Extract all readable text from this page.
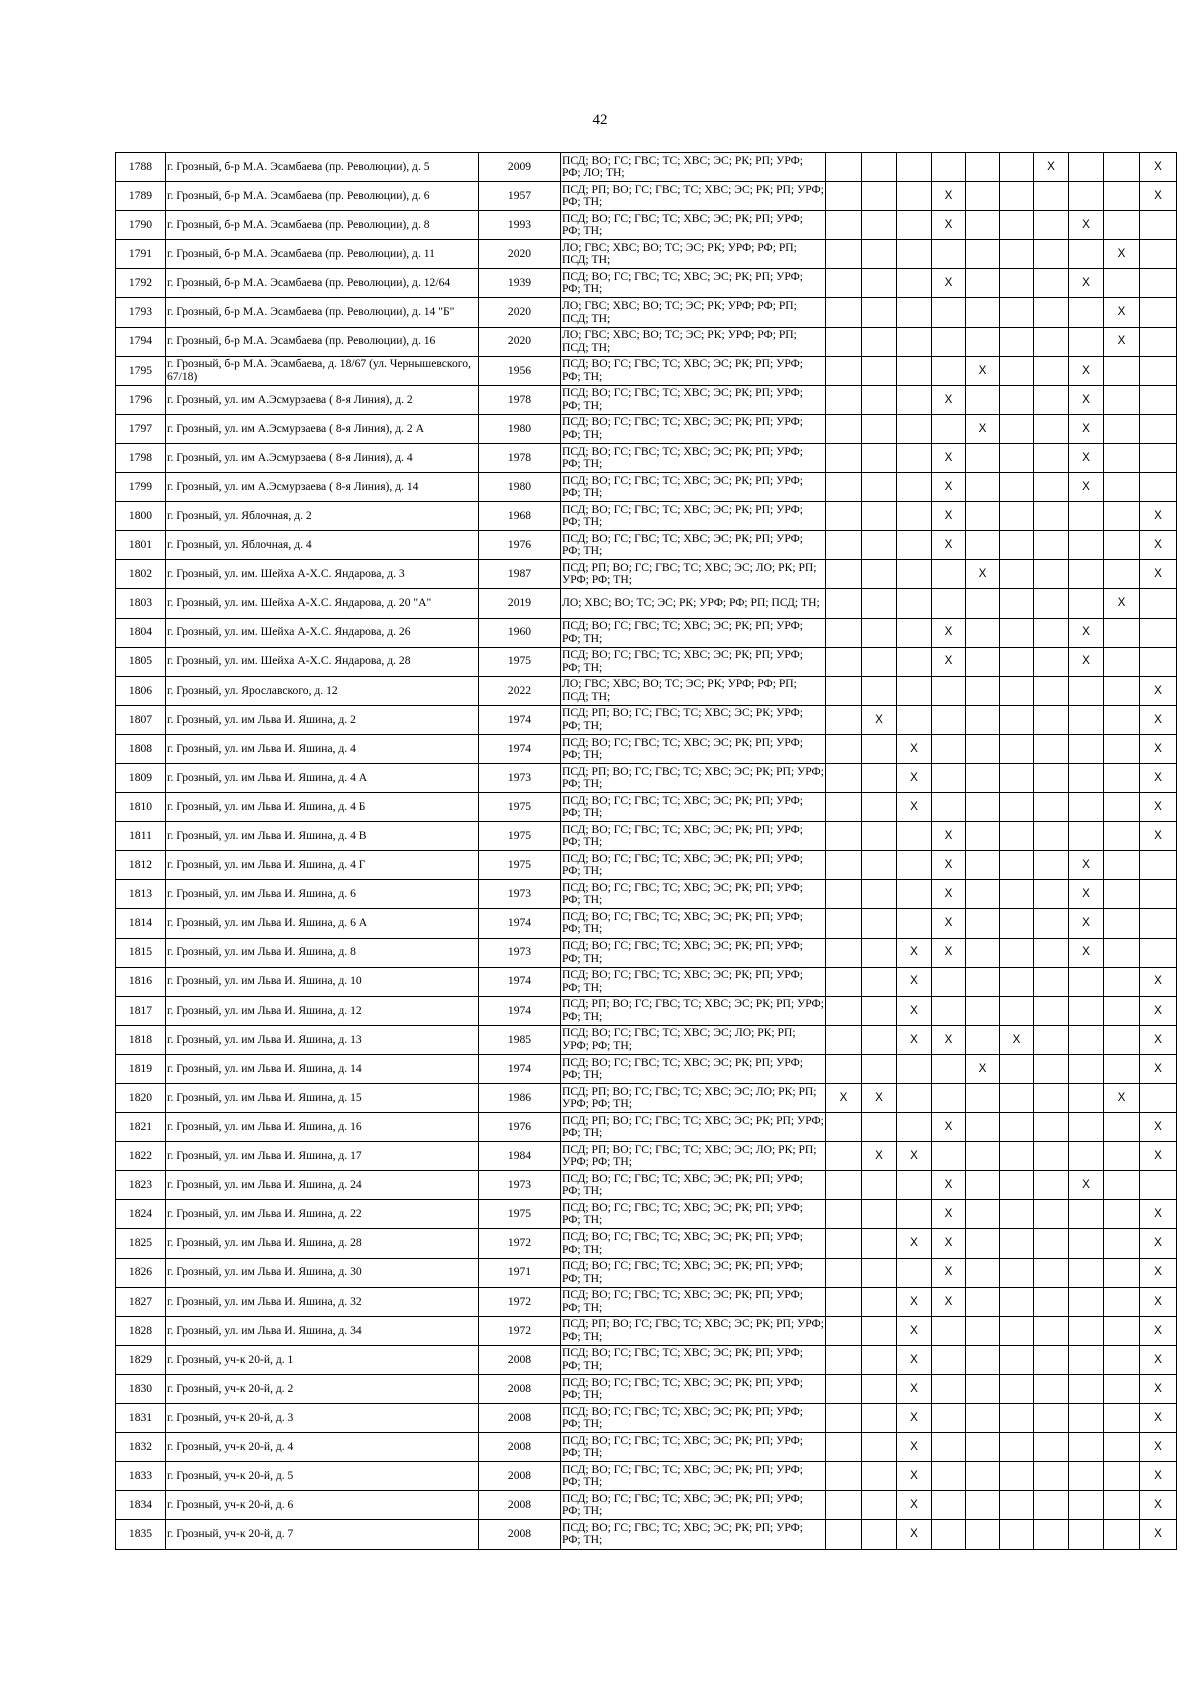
42
1788	г. Грозный, б-р М.А. Эсамбаева (пр. Революции), д. 5	2009	ПСД; ВО; ГС; ГВС; ТС; ХВС; ЭС; РК; РП; УРФ; РФ; ЛО; ТН;							X			X
1789	г. Грозный, б-р М.А. Эсамбаева (пр. Революции), д. 6	1957	ПСД; РП; ВО; ГС; ГВС; ТС; ХВС; ЭС; РК; РП; УРФ; РФ; ТН;				X						X
1790	г. Грозный, б-р М.А. Эсамбаева (пр. Революции), д. 8	1993	ПСД; ВО; ГС; ГВС; ТС; ХВС; ЭС; РК; РП; УРФ; РФ; ТН;				X				X		
1791	г. Грозный, б-р М.А. Эсамбаева (пр. Революции), д. 11	2020	ЛО; ГВС; ХВС; ВО; ТС; ЭС; РК; УРФ; РФ; РП; ПСД; ТН;									X	
1792	г. Грозный, б-р М.А. Эсамбаева (пр. Революции), д. 12/64	1939	ПСД; ВО; ГС; ГВС; ТС; ХВС; ЭС; РК; РП; УРФ; РФ; ТН;				X				X		
1793	г. Грозный, б-р М.А. Эсамбаева (пр. Революции), д. 14 "Б"	2020	ЛО; ГВС; ХВС; ВО; ТС; ЭС; РК; УРФ; РФ; РП; ПСД; ТН;									X	
1794	г. Грозный, б-р М.А. Эсамбаева (пр. Революции), д. 16	2020	ЛО; ГВС; ХВС; ВО; ТС; ЭС; РК; УРФ; РФ; РП; ПСД; ТН;									X	
1795	г. Грозный, б-р М.А. Эсамбаева, д. 18/67 (ул. Чернышевского, 67/18)	1956	ПСД; ВО; ГС; ГВС; ТС; ХВС; ЭС; РК; РП; УРФ; РФ; ТН;					X			X		
1796	г. Грозный, ул. им А.Эсмурзаева ( 8-я Линия), д. 2	1978	ПСД; ВО; ГС; ГВС; ТС; ХВС; ЭС; РК; РП; УРФ; РФ; ТН;				X				X		
1797	г. Грозный, ул. им А.Эсмурзаева ( 8-я Линия), д. 2 А	1980	ПСД; ВО; ГС; ГВС; ТС; ХВС; ЭС; РК; РП; УРФ; РФ; ТН;					X			X		
1798	г. Грозный, ул. им А.Эсмурзаева ( 8-я Линия), д. 4	1978	ПСД; ВО; ГС; ГВС; ТС; ХВС; ЭС; РК; РП; УРФ; РФ; ТН;				X				X		
1799	г. Грозный, ул. им А.Эсмурзаева ( 8-я Линия), д. 14	1980	ПСД; ВО; ГС; ГВС; ТС; ХВС; ЭС; РК; РП; УРФ; РФ; ТН;				X				X		
1800	г. Грозный, ул. Яблочная, д. 2	1968	ПСД; ВО; ГС; ГВС; ТС; ХВС; ЭС; РК; РП; УРФ; РФ; ТН;				X						X
1801	г. Грозный, ул. Яблочная, д. 4	1976	ПСД; ВО; ГС; ГВС; ТС; ХВС; ЭС; РК; РП; УРФ; РФ; ТН;				X						X
1802	г. Грозный, ул. им. Шейха А-Х.С. Яндарова, д. 3	1987	ПСД; РП; ВО; ГС; ГВС; ТС; ХВС; ЭС; ЛО; РК; РП; УРФ; РФ; ТН;					X					X
1803	г. Грозный, ул. им. Шейха А-Х.С. Яндарова, д. 20 "А"	2019	ЛО; ХВС; ВО; ТС; ЭС; РК; УРФ; РФ; РП; ПСД; ТН;									X	
1804	г. Грозный, ул. им. Шейха А-Х.С. Яндарова, д. 26	1960	ПСД; ВО; ГС; ГВС; ТС; ХВС; ЭС; РК; РП; УРФ; РФ; ТН;				X				X		
1805	г. Грозный, ул. им. Шейха А-Х.С. Яндарова, д. 28	1975	ПСД; ВО; ГС; ГВС; ТС; ХВС; ЭС; РК; РП; УРФ; РФ; ТН;				X				X		
1806	г. Грозный, ул. Ярославского, д. 12	2022	ЛО; ГВС; ХВС; ВО; ТС; ЭС; РК; УРФ; РФ; РП; ПСД; ТН;										X
1807	г. Грозный, ул. им Льва И. Яшина, д. 2	1974	ПСД; РП; ВО; ГС; ГВС; ТС; ХВС; ЭС; РК; УРФ; РФ; ТН;		X								X
1808	г. Грозный, ул. им Льва И. Яшина, д. 4	1974	ПСД; ВО; ГС; ГВС; ТС; ХВС; ЭС; РК; РП; УРФ; РФ; ТН;			X							X
1809	г. Грозный, ул. им Льва И. Яшина, д. 4 А	1973	ПСД; РП; ВО; ГС; ГВС; ТС; ХВС; ЭС; РК; РП; УРФ; РФ; ТН;			X							X
1810	г. Грозный, ул. им Льва И. Яшина, д. 4 Б	1975	ПСД; ВО; ГС; ГВС; ТС; ХВС; ЭС; РК; РП; УРФ; РФ; ТН;			X							X
1811	г. Грозный, ул. им Льва И. Яшина, д. 4 В	1975	ПСД; ВО; ГС; ГВС; ТС; ХВС; ЭС; РК; РП; УРФ; РФ; ТН;				X						X
1812	г. Грозный, ул. им Льва И. Яшина, д. 4 Г	1975	ПСД; ВО; ГС; ГВС; ТС; ХВС; ЭС; РК; РП; УРФ; РФ; ТН;				X				X		
1813	г. Грозный, ул. им Льва И. Яшина, д. 6	1973	ПСД; ВО; ГС; ГВС; ТС; ХВС; ЭС; РК; РП; УРФ; РФ; ТН;				X				X		
1814	г. Грозный, ул. им Льва И. Яшина, д. 6 А	1974	ПСД; ВО; ГС; ГВС; ТС; ХВС; ЭС; РК; РП; УРФ; РФ; ТН;				X				X		
1815	г. Грозный, ул. им Льва И. Яшина, д. 8	1973	ПСД; ВО; ГС; ГВС; ТС; ХВС; ЭС; РК; РП; УРФ; РФ; ТН;			X	X				X		
1816	г. Грозный, ул. им Льва И. Яшина, д. 10	1974	ПСД; ВО; ГС; ГВС; ТС; ХВС; ЭС; РК; РП; УРФ; РФ; ТН;			X							X
1817	г. Грозный, ул. им Льва И. Яшина, д. 12	1974	ПСД; РП; ВО; ГС; ГВС; ТС; ХВС; ЭС; РК; РП; УРФ; РФ; ТН;			X							X
1818	г. Грозный, ул. им Льва И. Яшина, д. 13	1985	ПСД; ВО; ГС; ГВС; ТС; ХВС; ЭС; ЛО; РК; РП; УРФ; РФ; ТН;			X	X		X				X
1819	г. Грозный, ул. им Льва И. Яшина, д. 14	1974	ПСД; ВО; ГС; ГВС; ТС; ХВС; ЭС; РК; РП; УРФ; РФ; ТН;					X					X
1820	г. Грозный, ул. им Льва И. Яшина, д. 15	1986	ПСД; РП; ВО; ГС; ГВС; ТС; ХВС; ЭС; ЛО; РК; РП; УРФ; РФ; ТН;	X	X							X	
1821	г. Грозный, ул. им Льва И. Яшина, д. 16	1976	ПСД; РП; ВО; ГС; ГВС; ТС; ХВС; ЭС; РК; РП; УРФ; РФ; ТН;				X						X
1822	г. Грозный, ул. им Льва И. Яшина, д. 17	1984	ПСД; РП; ВО; ГС; ГВС; ТС; ХВС; ЭС; ЛО; РК; РП; УРФ; РФ; ТН;		X	X							X
1823	г. Грозный, ул. им Льва И. Яшина, д. 24	1973	ПСД; ВО; ГС; ГВС; ТС; ХВС; ЭС; РК; РП; УРФ; РФ; ТН;				X				X		
1824	г. Грозный, ул. им Льва И. Яшина, д. 22	1975	ПСД; ВО; ГС; ГВС; ТС; ХВС; ЭС; РК; РП; УРФ; РФ; ТН;				X						X
1825	г. Грозный, ул. им Льва И. Яшина, д. 28	1972	ПСД; ВО; ГС; ГВС; ТС; ХВС; ЭС; РК; РП; УРФ; РФ; ТН;			X	X						X
1826	г. Грозный, ул. им Льва И. Яшина, д. 30	1971	ПСД; ВО; ГС; ГВС; ТС; ХВС; ЭС; РК; РП; УРФ; РФ; ТН;				X						X
1827	г. Грозный, ул. им Льва И. Яшина, д. 32	1972	ПСД; ВО; ГС; ГВС; ТС; ХВС; ЭС; РК; РП; УРФ; РФ; ТН;			X	X						X
1828	г. Грозный, ул. им Льва И. Яшина, д. 34	1972	ПСД; РП; ВО; ГС; ГВС; ТС; ХВС; ЭС; РК; РП; УРФ; РФ; ТН;			X							X
1829	г. Грозный, уч-к 20-й, д. 1	2008	ПСД; ВО; ГС; ГВС; ТС; ХВС; ЭС; РК; РП; УРФ; РФ; ТН;			X							X
1830	г. Грозный, уч-к 20-й, д. 2	2008	ПСД; ВО; ГС; ГВС; ТС; ХВС; ЭС; РК; РП; УРФ; РФ; ТН;			X							X
1831	г. Грозный, уч-к 20-й, д. 3	2008	ПСД; ВО; ГС; ГВС; ТС; ХВС; ЭС; РК; РП; УРФ; РФ; ТН;			X							X
1832	г. Грозный, уч-к 20-й, д. 4	2008	ПСД; ВО; ГС; ГВС; ТС; ХВС; ЭС; РК; РП; УРФ; РФ; ТН;			X							X
1833	г. Грозный, уч-к 20-й, д. 5	2008	ПСД; ВО; ГС; ГВС; ТС; ХВС; ЭС; РК; РП; УРФ; РФ; ТН;			X							X
1834	г. Грозный, уч-к 20-й, д. 6	2008	ПСД; ВО; ГС; ГВС; ТС; ХВС; ЭС; РК; РП; УРФ; РФ; ТН;			X							X
1835	г. Грозный, уч-к 20-й, д. 7	2008	ПСД; ВО; ГС; ГВС; ТС; ХВС; ЭС; РК; РП; УРФ; РФ; ТН;			X							X
